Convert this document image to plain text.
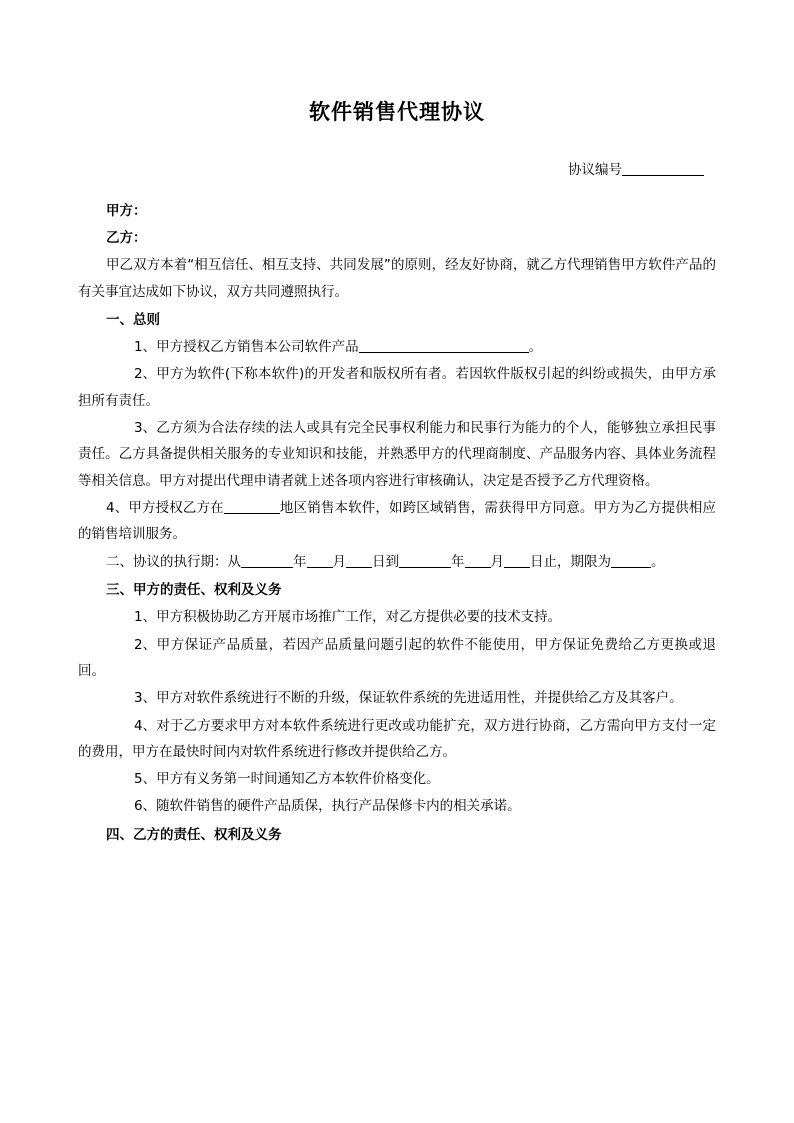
软件销售代理协议
协议编号

甲方：

乙方：

甲乙双方本着“相互信任、相互支持、共同发展”的原则，经友好协商，就乙方代理销售甲方软件产品的有关事宜达成如下协议，双方共同遵照执行。

一、总则

1、甲方授权乙方销售本公司软件产品	。

2、甲方为软件(下称本软件)的开发者和版权所有者。若因软件版权引起的纠纷或损失，由甲方承担所有责任。

3、乙方须为合法存续的法人或具有完全民事权利能力和民事行为能力的个人，能够独立承担民事责任。乙方具备提供相关服务的专业知识和技能，并熟悉甲方的代理商制度、产品服务内容、具体业务流程等相关信息。甲方对提出代理申请者就上述各项内容进行审核确认，决定是否授予乙方代理资格。

4、甲方授权乙方在	地区销售本软件，如跨区域销售，需获得甲方同意。甲方为乙方提供相应的销售培训服务。

二、协议的执行期：从	年 月 日到	年 月 日止，期限为	。

三、甲方的责任、权利及义务

1、甲方积极协助乙方开展市场推广工作，对乙方提供必要的技术支持。

2、甲方保证产品质量，若因产品质量问题引起的软件不能使用，甲方保证免费给乙方更换或退回。

3、甲方对软件系统进行不断的升级，保证软件系统的先进适用性，并提供给乙方及其客户。

4、对于乙方要求甲方对本软件系统进行更改或功能扩充，双方进行协商，乙方需向甲方支付一定的费用，甲方在最快时间内对软件系统进行修改并提供给乙方。

5、甲方有义务第一时间通知乙方本软件价格变化。

6、随软件销售的硬件产品质保，执行产品保修卡内的相关承诺。

四、乙方的责任、权利及义务
